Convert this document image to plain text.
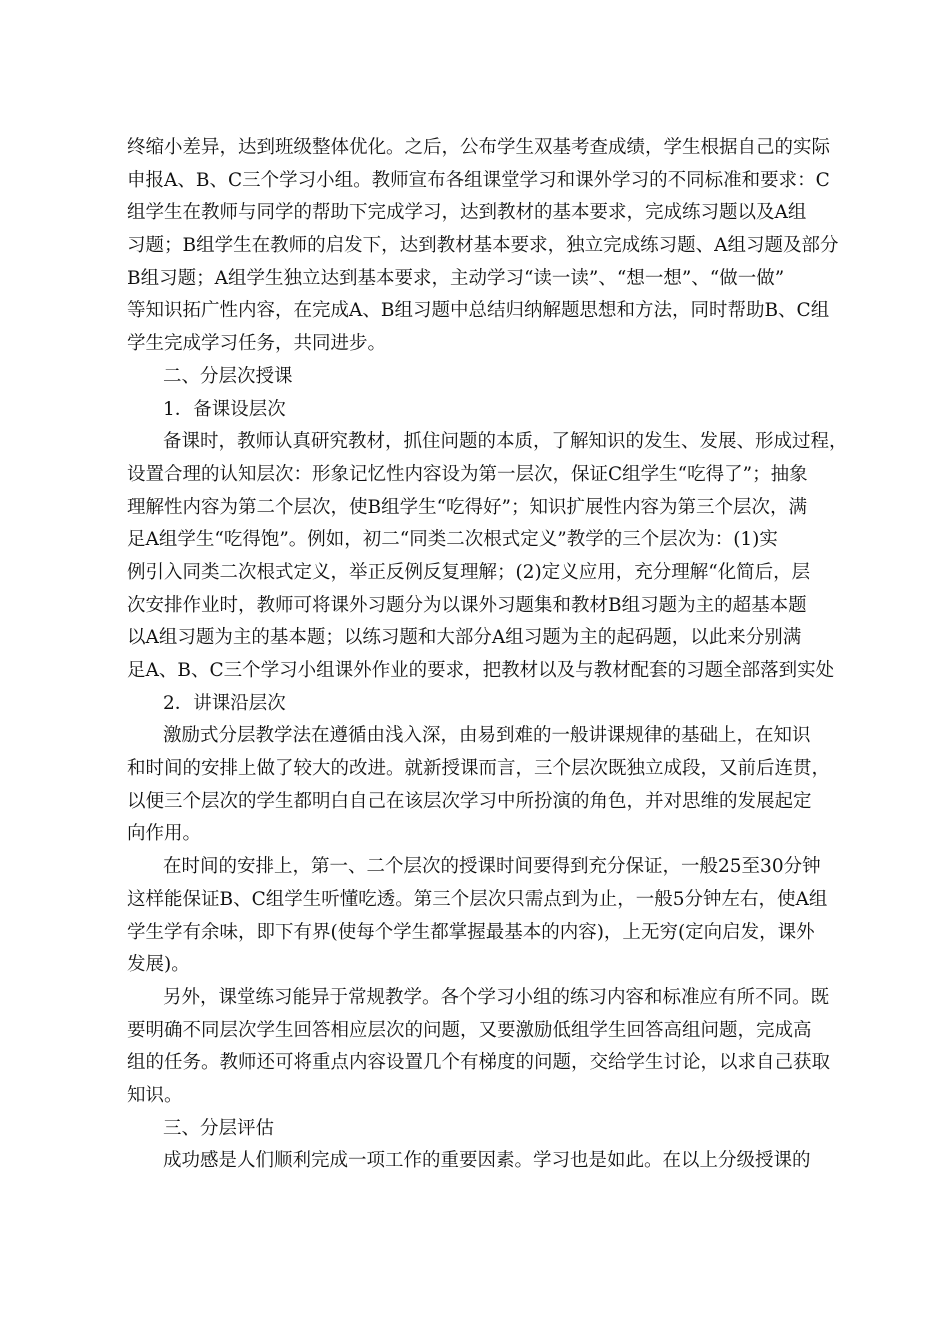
终缩小差异，达到班级整体优化。之后，公布学生双基考查成绩，学生根据自己的实际
申报A、B、C三个学习小组。教师宣布各组课堂学习和课外学习的不同标准和要求：C
组学生在教师与同学的帮助下完成学习，达到教材的基本要求，完成练习题以及A组
习题；B组学生在教师的启发下，达到教材基本要求，独立完成练习题、A组习题及部分
B组习题；A组学生独立达到基本要求，主动学习“读一读”、“想一想”、“做一做”
等知识拓广性内容，在完成A、B组习题中总结归纳解题思想和方法，同时帮助B、C组
学生完成学习任务，共同进步。
二、分层次授课
1．备课设层次
备课时，教师认真研究教材，抓住问题的本质，了解知识的发生、发展、形成过程，
设置合理的认知层次：形象记忆性内容设为第一层次，保证C组学生“吃得了”；抽象
理解性内容为第二个层次，使B组学生“吃得好”；知识扩展性内容为第三个层次，满
足A组学生“吃得饱”。例如，初二“同类二次根式定义”教学的三个层次为：(1)实
例引入同类二次根式定义，举正反例反复理解；(2)定义应用，充分理解“化简后，层
次安排作业时，教师可将课外习题分为以课外习题集和教材B组习题为主的超基本题
以A组习题为主的基本题；以练习题和大部分A组习题为主的起码题，以此来分别满
足A、B、C三个学习小组课外作业的要求，把教材以及与教材配套的习题全部落到实处
2．讲课沿层次
激励式分层教学法在遵循由浅入深，由易到难的一般讲课规律的基础上，在知识
和时间的安排上做了较大的改进。就新授课而言，三个层次既独立成段，又前后连贯，
以便三个层次的学生都明白自己在该层次学习中所扮演的角色，并对思维的发展起定
向作用。
在时间的安排上，第一、二个层次的授课时间要得到充分保证，一般25至30分钟
这样能保证B、C组学生听懂吃透。第三个层次只需点到为止，一般5分钟左右，使A组
学生学有余味，即下有界(使每个学生都掌握最基本的内容)，上无穷(定向启发，课外
发展)。
另外，课堂练习能异于常规教学。各个学习小组的练习内容和标准应有所不同。既
要明确不同层次学生回答相应层次的问题，又要激励低组学生回答高组问题，完成高
组的任务。教师还可将重点内容设置几个有梯度的问题，交给学生讨论，以求自己获取
知识。
三、分层评估
成功感是人们顺利完成一项工作的重要因素。学习也是如此。在以上分级授课的
